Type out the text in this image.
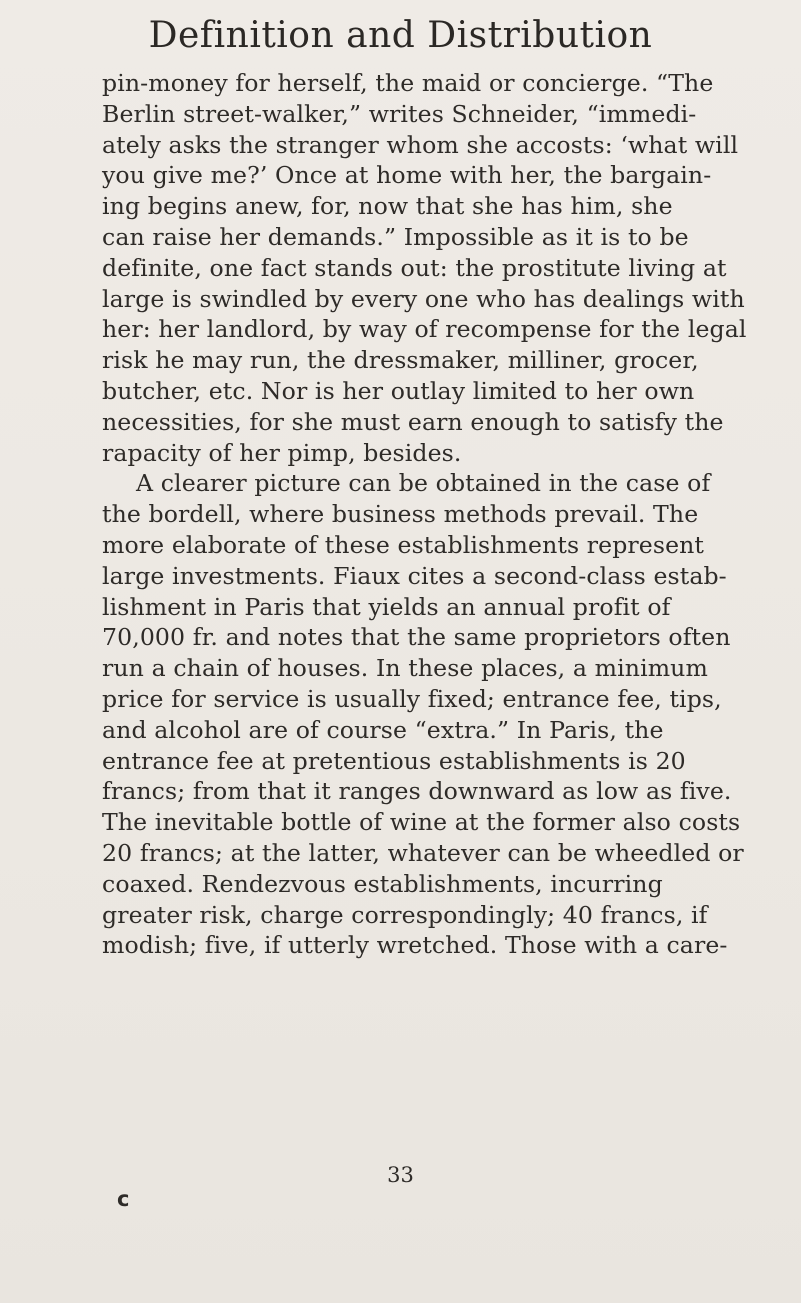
Definition and Distribution
pin-money for herself, the maid or concierge. “The
Berlin street-walker,” writes Schneider, “immedi-
ately asks the stranger whom she accosts: ‘what will
you give me?’ Once at home with her, the bargain-
ing begins anew, for, now that she has him, she
can raise her demands.” Impossible as it is to be
definite, one fact stands out: the prostitute living at
large is swindled by every one who has dealings with
her: her landlord, by way of recompense for the legal
risk he may run, the dressmaker, milliner, grocer,
butcher, etc. Nor is her outlay limited to her own
necessities, for she must earn enough to satisfy the
rapacity of her pimp, besides.
A clearer picture can be obtained in the case of
the bordell, where business methods prevail. The
more elaborate of these establishments represent
large investments. Fiaux cites a second-class estab-
lishment in Paris that yields an annual profit of
70,000 fr. and notes that the same proprietors often
run a chain of houses. In these places, a minimum
price for service is usually fixed; entrance fee, tips,
and alcohol are of course “extra.” In Paris, the
entrance fee at pretentious establishments is 20
francs; from that it ranges downward as low as five.
The inevitable bottle of wine at the former also costs
20 francs; at the latter, whatever can be wheedled or
coaxed. Rendezvous establishments, incurring
greater risk, charge correspondingly; 40 francs, if
modish; five, if utterly wretched. Those with a care-
33
c
